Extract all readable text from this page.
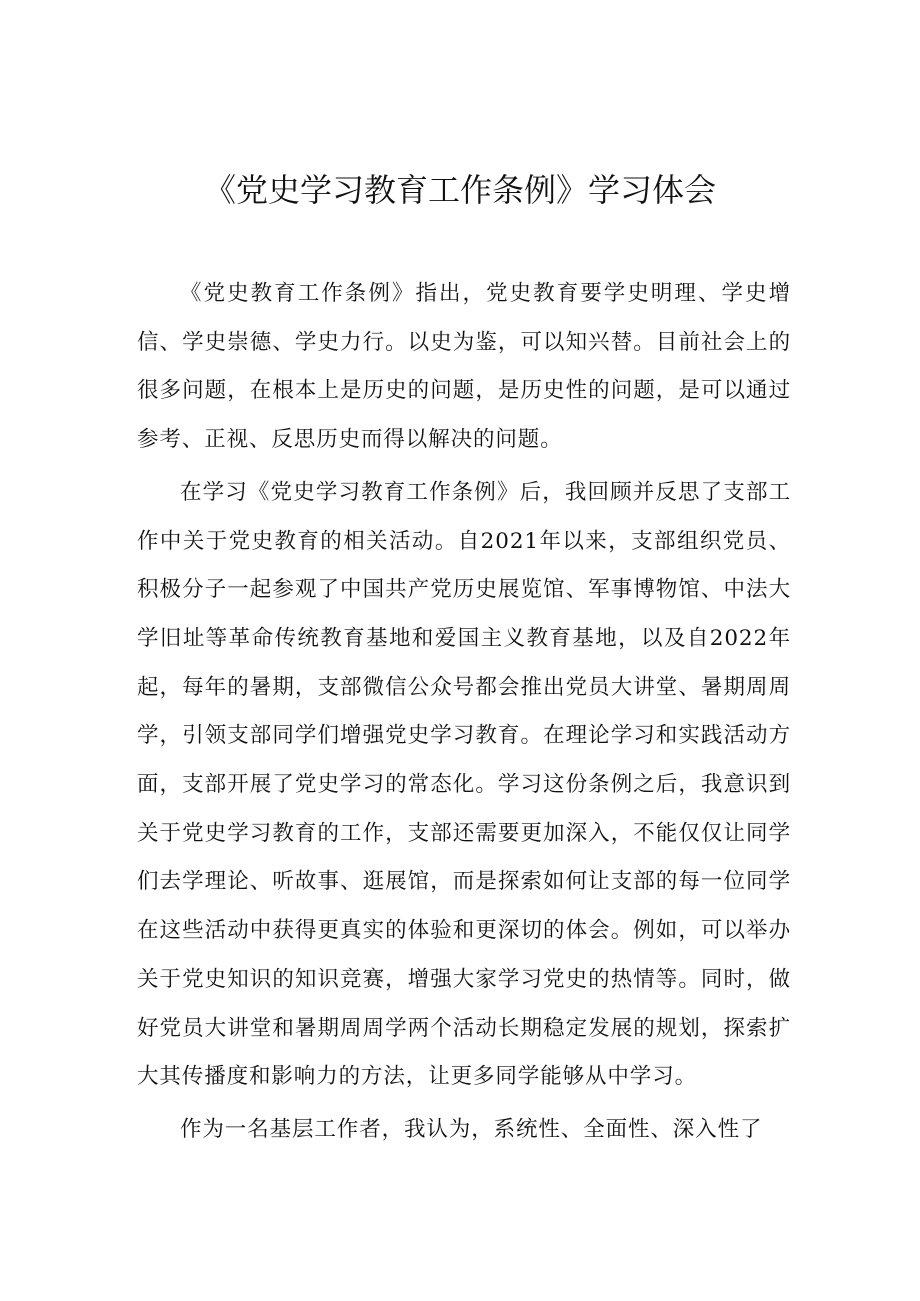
《党史学习教育工作条例》学习体会

《党史教育工作条例》指出，党史教育要学史明理、学史增信、学史崇德、学史力行。以史为鉴，可以知兴替。目前社会上的很多问题，在根本上是历史的问题，是历史性的问题，是可以通过参考、正视、反思历史而得以解决的问题。

在学习《党史学习教育工作条例》后，我回顾并反思了支部工作中关于党史教育的相关活动。自2021年以来，支部组织党员、积极分子一起参观了中国共产党历史展览馆、军事博物馆、中法大学旧址等革命传统教育基地和爱国主义教育基地，以及自2022年起，每年的暑期，支部微信公众号都会推出党员大讲堂、暑期周周学，引领支部同学们增强党史学习教育。在理论学习和实践活动方面，支部开展了党史学习的常态化。学习这份条例之后，我意识到关于党史学习教育的工作，支部还需要更加深入，不能仅仅让同学们去学理论、听故事、逛展馆，而是探索如何让支部的每一位同学在这些活动中获得更真实的体验和更深切的体会。例如，可以举办关于党史知识的知识竞赛，增强大家学习党史的热情等。同时，做好党员大讲堂和暑期周周学两个活动长期稳定发展的规划，探索扩大其传播度和影响力的方法，让更多同学能够从中学习。

作为一名基层工作者，我认为，系统性、全面性、深入性了
